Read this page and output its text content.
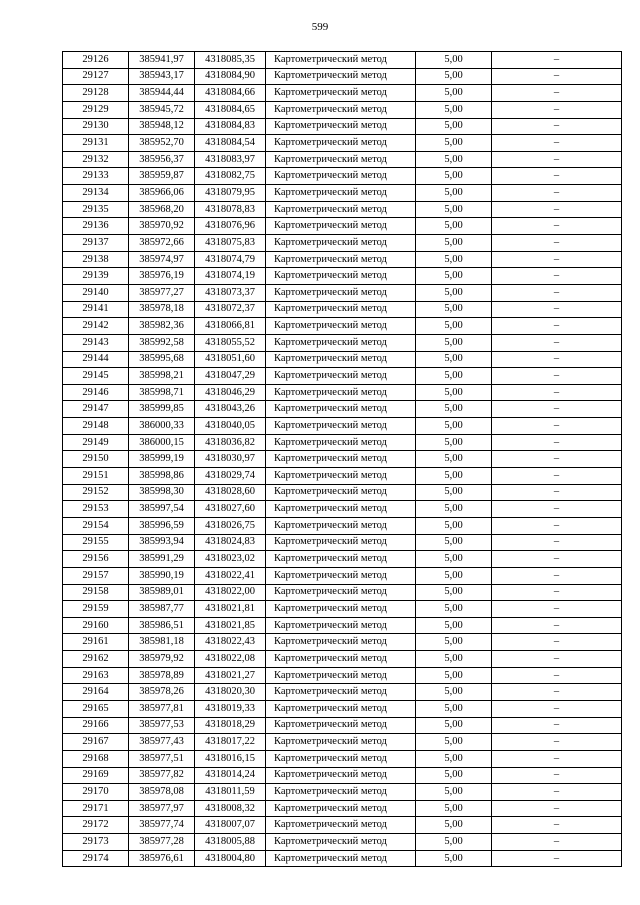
599
29126	385941,97	4318085,35	Картометрический метод	5,00	–
29127	385943,17	4318084,90	Картометрический метод	5,00	–
29128	385944,44	4318084,66	Картометрический метод	5,00	–
29129	385945,72	4318084,65	Картометрический метод	5,00	–
29130	385948,12	4318084,83	Картометрический метод	5,00	–
29131	385952,70	4318084,54	Картометрический метод	5,00	–
29132	385956,37	4318083,97	Картометрический метод	5,00	–
29133	385959,87	4318082,75	Картометрический метод	5,00	–
29134	385966,06	4318079,95	Картометрический метод	5,00	–
29135	385968,20	4318078,83	Картометрический метод	5,00	–
29136	385970,92	4318076,96	Картометрический метод	5,00	–
29137	385972,66	4318075,83	Картометрический метод	5,00	–
29138	385974,97	4318074,79	Картометрический метод	5,00	–
29139	385976,19	4318074,19	Картометрический метод	5,00	–
29140	385977,27	4318073,37	Картометрический метод	5,00	–
29141	385978,18	4318072,37	Картометрический метод	5,00	–
29142	385982,36	4318066,81	Картометрический метод	5,00	–
29143	385992,58	4318055,52	Картометрический метод	5,00	–
29144	385995,68	4318051,60	Картометрический метод	5,00	–
29145	385998,21	4318047,29	Картометрический метод	5,00	–
29146	385998,71	4318046,29	Картометрический метод	5,00	–
29147	385999,85	4318043,26	Картометрический метод	5,00	–
29148	386000,33	4318040,05	Картометрический метод	5,00	–
29149	386000,15	4318036,82	Картометрический метод	5,00	–
29150	385999,19	4318030,97	Картометрический метод	5,00	–
29151	385998,86	4318029,74	Картометрический метод	5,00	–
29152	385998,30	4318028,60	Картометрический метод	5,00	–
29153	385997,54	4318027,60	Картометрический метод	5,00	–
29154	385996,59	4318026,75	Картометрический метод	5,00	–
29155	385993,94	4318024,83	Картометрический метод	5,00	–
29156	385991,29	4318023,02	Картометрический метод	5,00	–
29157	385990,19	4318022,41	Картометрический метод	5,00	–
29158	385989,01	4318022,00	Картометрический метод	5,00	–
29159	385987,77	4318021,81	Картометрический метод	5,00	–
29160	385986,51	4318021,85	Картометрический метод	5,00	–
29161	385981,18	4318022,43	Картометрический метод	5,00	–
29162	385979,92	4318022,08	Картометрический метод	5,00	–
29163	385978,89	4318021,27	Картометрический метод	5,00	–
29164	385978,26	4318020,30	Картометрический метод	5,00	–
29165	385977,81	4318019,33	Картометрический метод	5,00	–
29166	385977,53	4318018,29	Картометрический метод	5,00	–
29167	385977,43	4318017,22	Картометрический метод	5,00	–
29168	385977,51	4318016,15	Картометрический метод	5,00	–
29169	385977,82	4318014,24	Картометрический метод	5,00	–
29170	385978,08	4318011,59	Картометрический метод	5,00	–
29171	385977,97	4318008,32	Картометрический метод	5,00	–
29172	385977,74	4318007,07	Картометрический метод	5,00	–
29173	385977,28	4318005,88	Картометрический метод	5,00	–
29174	385976,61	4318004,80	Картометрический метод	5,00	–
